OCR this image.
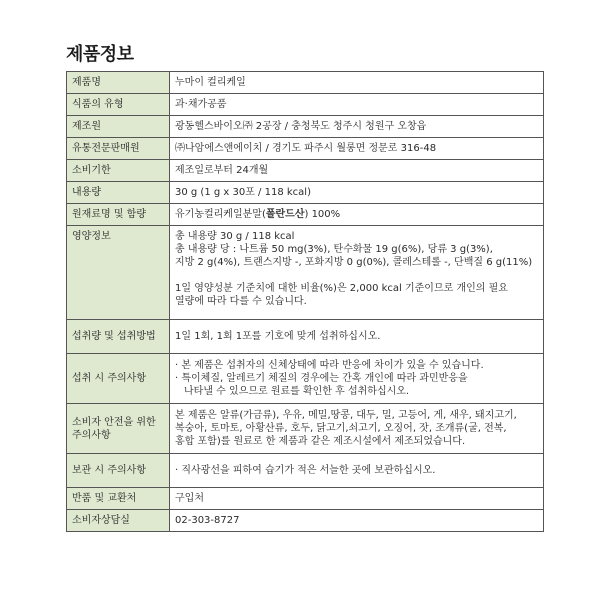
제품정보
제품명	누마이 컬리케일
식품의 유형	과·채가공품
제조원	광동헬스바이오㈜ 2공장 / 충청북도 청주시 청원구 오창읍
유통전문판매원	㈜나암에스앤에이치 / 경기도 파주시 월롱면 정문로 316-48
소비기한	제조일로부터 24개월
내용량	30 g (1 g x 30포 / 118 kcal)
원재료명 및 함량	유기농컬리케일분말(폴란드산) 100%
영양정보	총 내용량 30 g / 118 kcal
총 내용량 당 : 나트륨 50 mg(3%), 탄수화물 19 g(6%), 당류 3 g(3%),
지방 2 g(4%), 트랜스지방 -, 포화지방 0 g(0%), 콜레스테롤 -, 단백질 6 g(11%)
1일 영양성분 기준치에 대한 비율(%)은 2,000 kcal 기준이므로 개인의 필요
열량에 따라 다를 수 있습니다.

섭취량 및 섭취방법	1일 1회, 1회 1포를 기호에 맞게 섭취하십시오.
섭취 시 주의사항	· 본 제품은 섭취자의 신체상태에 따라 반응에 차이가 있을 수 있습니다.
· 특이체질, 알레르기 체질의 경우에는 간혹 개인에 따라 과민반응을
나타낼 수 있으므로 원료를 확인한 후 섭취하십시오.

소비자 안전을 위한 주의사항	본 제품은 알류(가금류), 우유, 메밀,땅콩, 대두, 밀, 고등어, 게, 새우, 돼지고기,
복숭아, 토마토, 아황산류, 호두, 닭고기,쇠고기, 오징어, 잣, 조개류(굴, 전복,
홍합 포함)를 원료로 한 제품과 같은 제조시설에서 제조되었습니다.

보관 시 주의사항	· 직사광선을 피하여 습기가 적은 서늘한 곳에 보관하십시오.
반품 및 교환처	구입처
소비자상담실	02-303-8727
